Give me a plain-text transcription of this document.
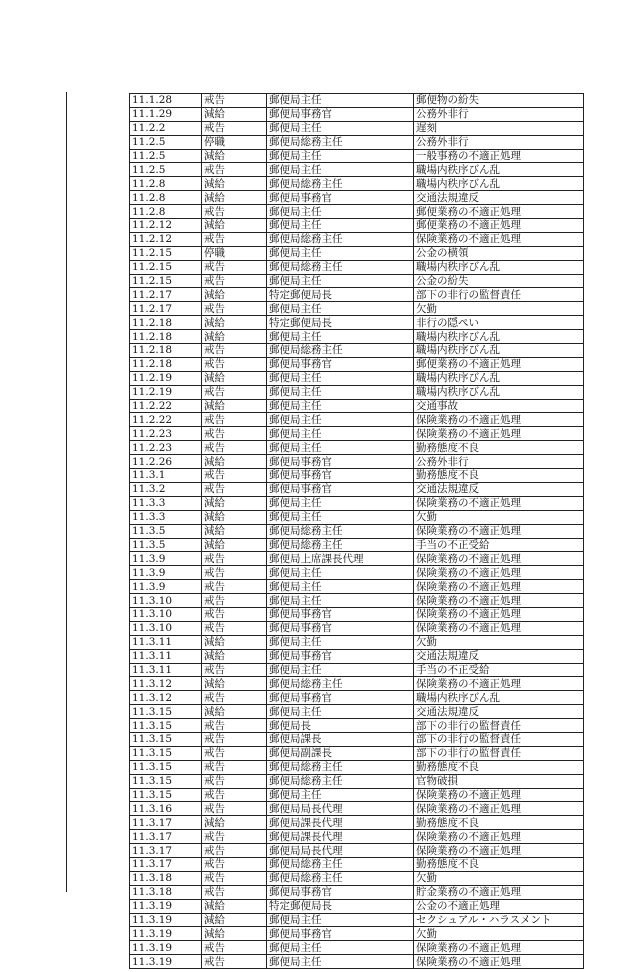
11.1.28	戒告	郵便局主任	郵便物の紛失
11.1.29	減給	郵便局事務官	公務外非行
11.2.2	戒告	郵便局主任	遅刻
11.2.5	停職	郵便局総務主任	公務外非行
11.2.5	減給	郵便局主任	一般事務の不適正処理
11.2.5	戒告	郵便局主任	職場内秩序びん乱
11.2.8	減給	郵便局総務主任	職場内秩序びん乱
11.2.8	減給	郵便局事務官	交通法規違反
11.2.8	戒告	郵便局主任	郵便業務の不適正処理
11.2.12	減給	郵便局主任	郵便業務の不適正処理
11.2.12	戒告	郵便局総務主任	保険業務の不適正処理
11.2.15	停職	郵便局主任	公金の横領
11.2.15	戒告	郵便局総務主任	職場内秩序びん乱
11.2.15	戒告	郵便局主任	公金の紛失
11.2.17	減給	特定郵便局長	部下の非行の監督責任
11.2.17	戒告	郵便局主任	欠勤
11.2.18	減給	特定郵便局長	非行の隠ぺい
11.2.18	減給	郵便局主任	職場内秩序びん乱
11.2.18	戒告	郵便局総務主任	職場内秩序びん乱
11.2.18	戒告	郵便局事務官	郵便業務の不適正処理
11.2.19	減給	郵便局主任	職場内秩序びん乱
11.2.19	戒告	郵便局主任	職場内秩序びん乱
11.2.22	減給	郵便局主任	交通事故
11.2.22	戒告	郵便局主任	保険業務の不適正処理
11.2.23	戒告	郵便局主任	保険業務の不適正処理
11.2.23	戒告	郵便局主任	勤務態度不良
11.2.26	減給	郵便局事務官	公務外非行
11.3.1	戒告	郵便局事務官	勤務態度不良
11.3.2	戒告	郵便局事務官	交通法規違反
11.3.3	減給	郵便局主任	保険業務の不適正処理
11.3.3	減給	郵便局主任	欠勤
11.3.5	減給	郵便局総務主任	保険業務の不適正処理
11.3.5	減給	郵便局総務主任	手当の不正受給
11.3.9	戒告	郵便局上席課長代理	保険業務の不適正処理
11.3.9	戒告	郵便局主任	保険業務の不適正処理
11.3.9	戒告	郵便局主任	保険業務の不適正処理
11.3.10	戒告	郵便局主任	保険業務の不適正処理
11.3.10	戒告	郵便局事務官	保険業務の不適正処理
11.3.10	戒告	郵便局事務官	保険業務の不適正処理
11.3.11	減給	郵便局主任	欠勤
11.3.11	減給	郵便局事務官	交通法規違反
11.3.11	戒告	郵便局主任	手当の不正受給
11.3.12	減給	郵便局総務主任	保険業務の不適正処理
11.3.12	戒告	郵便局事務官	職場内秩序びん乱
11.3.15	減給	郵便局主任	交通法規違反
11.3.15	戒告	郵便局長	部下の非行の監督責任
11.3.15	戒告	郵便局課長	部下の非行の監督責任
11.3.15	戒告	郵便局副課長	部下の非行の監督責任
11.3.15	戒告	郵便局総務主任	勤務態度不良
11.3.15	戒告	郵便局総務主任	官物破損
11.3.15	戒告	郵便局主任	保険業務の不適正処理
11.3.16	戒告	郵便局局長代理	保険業務の不適正処理
11.3.17	減給	郵便局課長代理	勤務態度不良
11.3.17	戒告	郵便局課長代理	保険業務の不適正処理
11.3.17	戒告	郵便局局長代理	保険業務の不適正処理
11.3.17	戒告	郵便局総務主任	勤務態度不良
11.3.18	戒告	郵便局総務主任	欠勤
11.3.18	戒告	郵便局事務官	貯金業務の不適正処理
11.3.19	減給	特定郵便局長	公金の不適正処理
11.3.19	減給	郵便局主任	セクシュアル・ハラスメント
11.3.19	減給	郵便局事務官	欠勤
11.3.19	戒告	郵便局主任	保険業務の不適正処理
11.3.19	戒告	郵便局主任	保険業務の不適正処理
